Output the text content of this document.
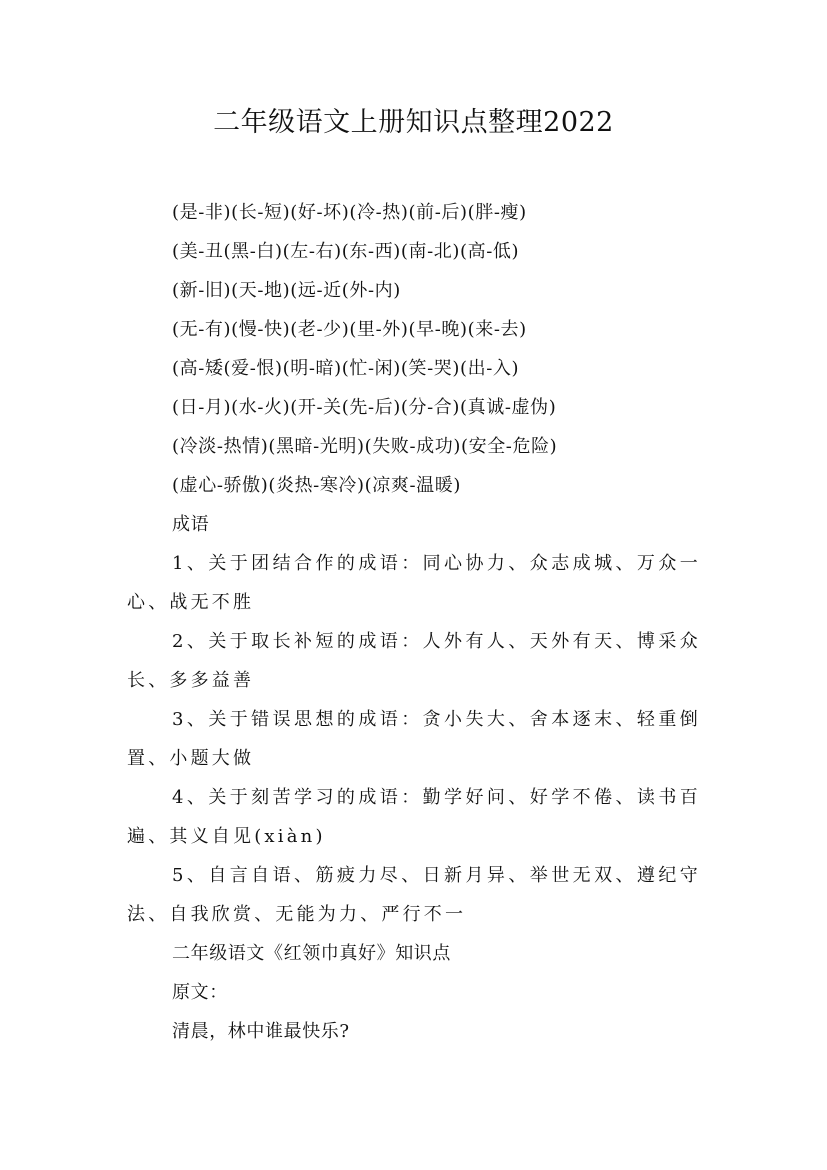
二年级语文上册知识点整理2022
(是-非)(长-短)(好-坏)(冷-热)(前-后)(胖-瘦)
(美-丑(黑-白)(左-右)(东-西)(南-北)(高-低)
(新-旧)(天-地)(远-近(外-内)
(无-有)(慢-快)(老-少)(里-外)(早-晚)(来-去)
(高-矮(爱-恨)(明-暗)(忙-闲)(笑-哭)(出-入)
(日-月)(水-火)(开-关(先-后)(分-合)(真诚-虚伪)
(冷淡-热情)(黑暗-光明)(失败-成功)(安全-危险)
(虚心-骄傲)(炎热-寒冷)(凉爽-温暖)
成语

1、关于团结合作的成语：同心协力、众志成城、万众一心、战无不胜

2、关于取长补短的成语：人外有人、天外有天、博采众长、多多益善

3、关于错误思想的成语：贪小失大、舍本逐末、轻重倒置、小题大做

4、关于刻苦学习的成语：勤学好问、好学不倦、读书百遍、其义自见(xiàn)

5、自言自语、筋疲力尽、日新月异、举世无双、遵纪守法、自我欣赏、无能为力、严行不一

二年级语文《红领巾真好》知识点
原文：
清晨，林中谁最快乐?
